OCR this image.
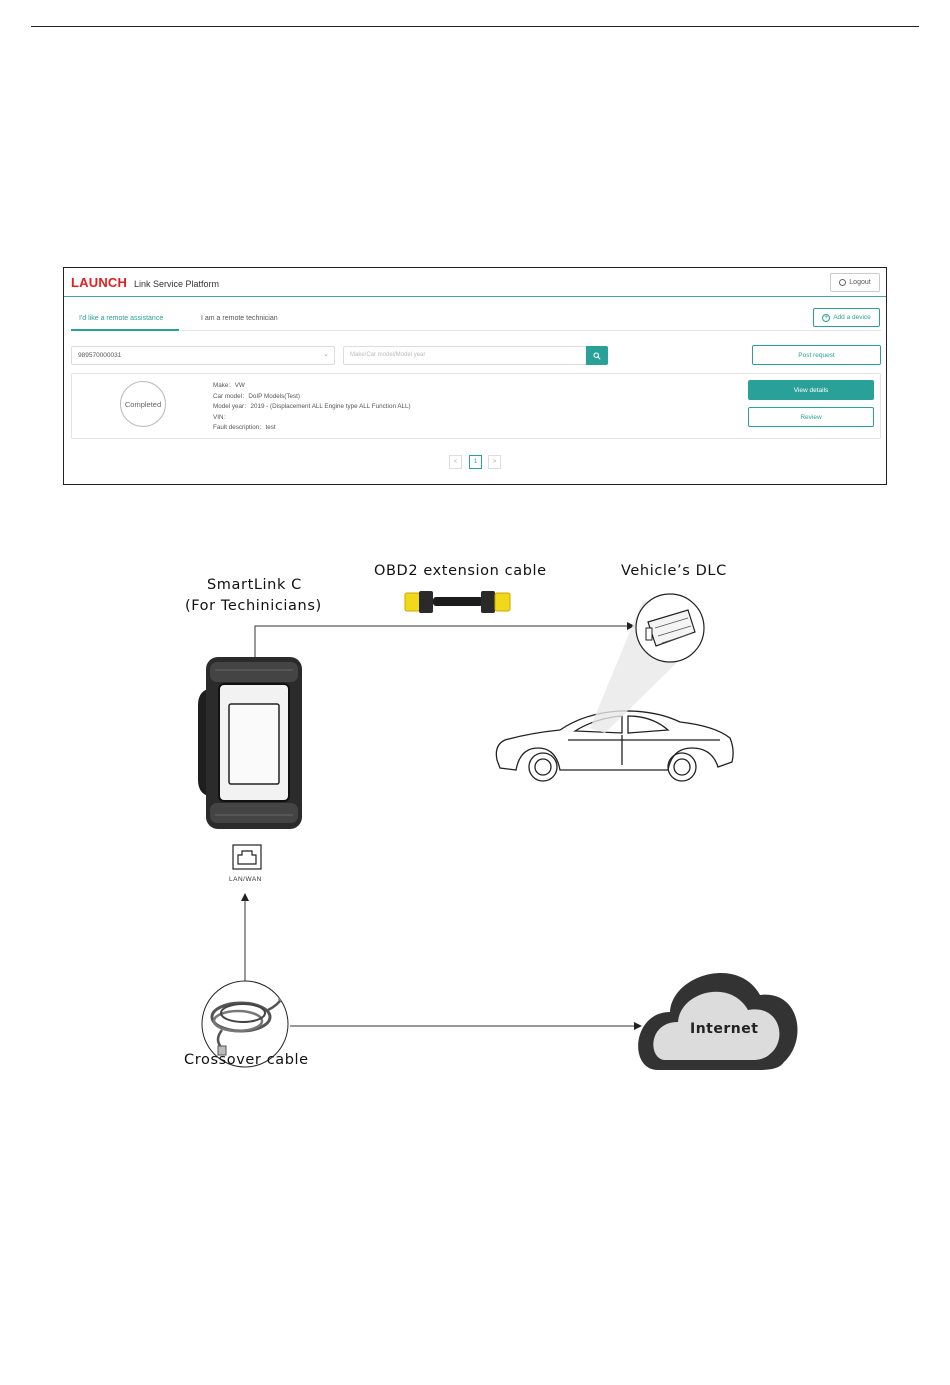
LAUNCH Link Service Platform	Logout
I'd like a remote assistance	I am a remote technician	+ Add a device
989570000031	⌄	Make/Car model/Model year	Post request
Completed
Make：VW
Car model：DoIP Models(Test)
Model year：2019 - (Displacement ALL Engine type ALL Function ALL)
VIN：
Fault description：test
View details
Review
<	1	>
SmartLink C
(For Techinicians)
OBD2 extension cable	Vehicle’s DLC
LAN/WAN
Crossover cable
Internet
